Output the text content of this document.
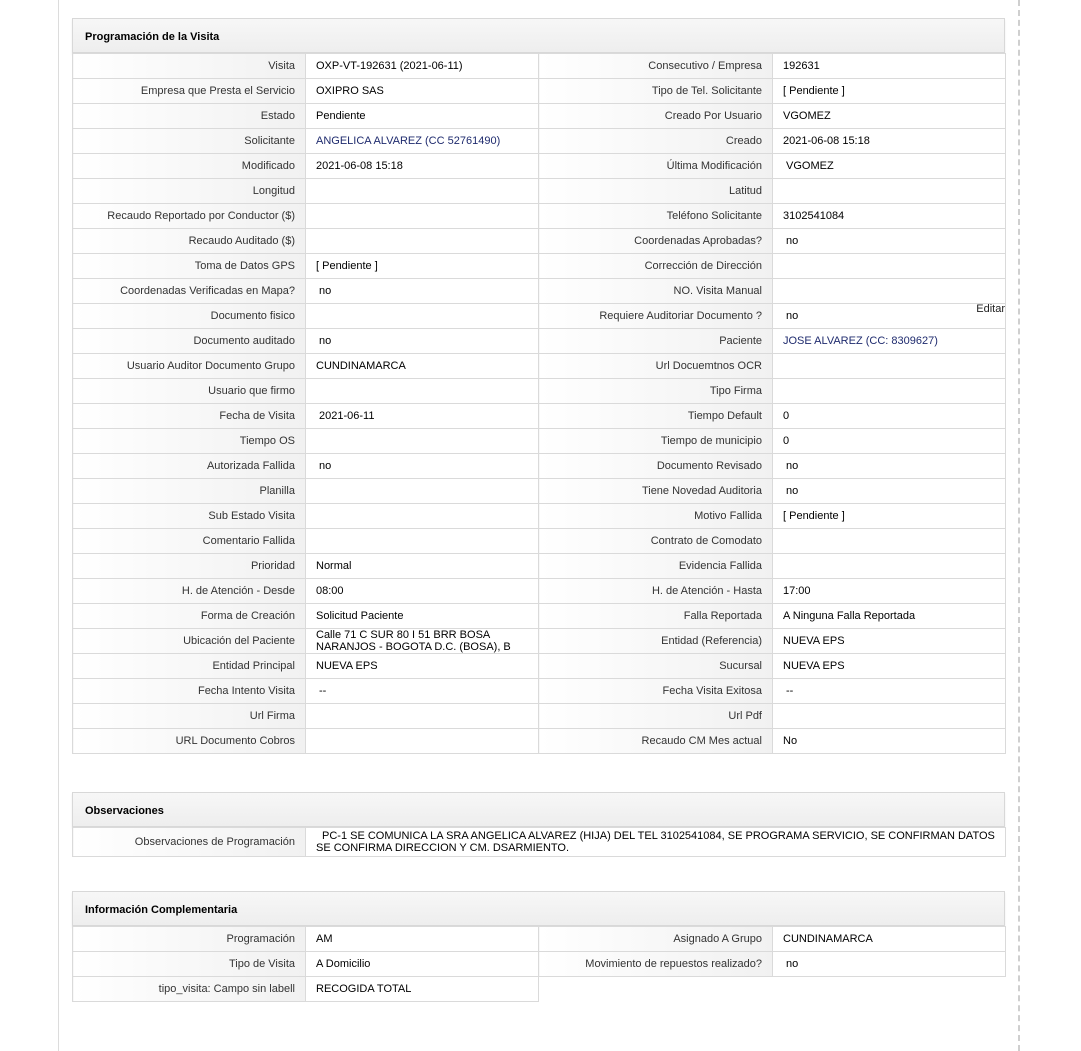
Programación de la Visita
Visita	OXP-VT-192631 (2021-06-11)	Consecutivo / Empresa	192631
Empresa que Presta el Servicio	OXIPRO SAS	Tipo de Tel. Solicitante	[ Pendiente ]
Estado	Pendiente	Creado Por Usuario	VGOMEZ
Solicitante	ANGELICA ALVAREZ (CC 52761490)	Creado	2021-06-08 15:18
Modificado	2021-06-08 15:18	Última Modificación	VGOMEZ
Longitud		Latitud	
Recaudo Reportado por Conductor ($)		Teléfono Solicitante	3102541084
Recaudo Auditado ($)		Coordenadas Aprobadas?	no
Toma de Datos GPS	[ Pendiente ]	Corrección de Dirección	
Coordenadas Verificadas en Mapa?	no	NO. Visita Manual	
Documento fisico		Requiere Auditoriar Documento ?	no
Editar

Documento auditado	no	Paciente	JOSE ALVAREZ (CC: 8309627)
Usuario Auditor Documento Grupo	CUNDINAMARCA	Url Docuemtnos OCR	
Usuario que firmo		Tipo Firma	
Fecha de Visita	2021-06-11	Tiempo Default	0
Tiempo OS		Tiempo de municipio	0
Autorizada Fallida	no	Documento Revisado	no
Planilla		Tiene Novedad Auditoria	no
Sub Estado Visita		Motivo Fallida	[ Pendiente ]
Comentario Fallida		Contrato de Comodato	
Prioridad	Normal	Evidencia Fallida	
H. de Atención - Desde	08:00	H. de Atención - Hasta	17:00
Forma de Creación	Solicitud Paciente	Falla Reportada	A Ninguna Falla Reportada
Ubicación del Paciente	Calle 71 C SUR 80 I 51 BRR BOSA NARANJOS - BOGOTA D.C. (BOSA), B	Entidad (Referencia)	NUEVA EPS
Entidad Principal	NUEVA EPS	Sucursal	NUEVA EPS
Fecha Intento Visita	--	Fecha Visita Exitosa	--
Url Firma		Url Pdf	
URL Documento Cobros		Recaudo CM Mes actual	No
Observaciones
Observaciones de Programación	PC-1 SE COMUNICA LA SRA ANGELICA ALVAREZ (HIJA) DEL TEL 3102541084, SE PROGRAMA SERVICIO, SE CONFIRMAN DATOS SE CONFIRMA DIRECCION Y CM. DSARMIENTO.
Información Complementaria
Programación	AM	Asignado A Grupo	CUNDINAMARCA
Tipo de Visita	A Domicilio	Movimiento de repuestos realizado?	no
tipo_visita: Campo sin labell	RECOGIDA TOTAL		
